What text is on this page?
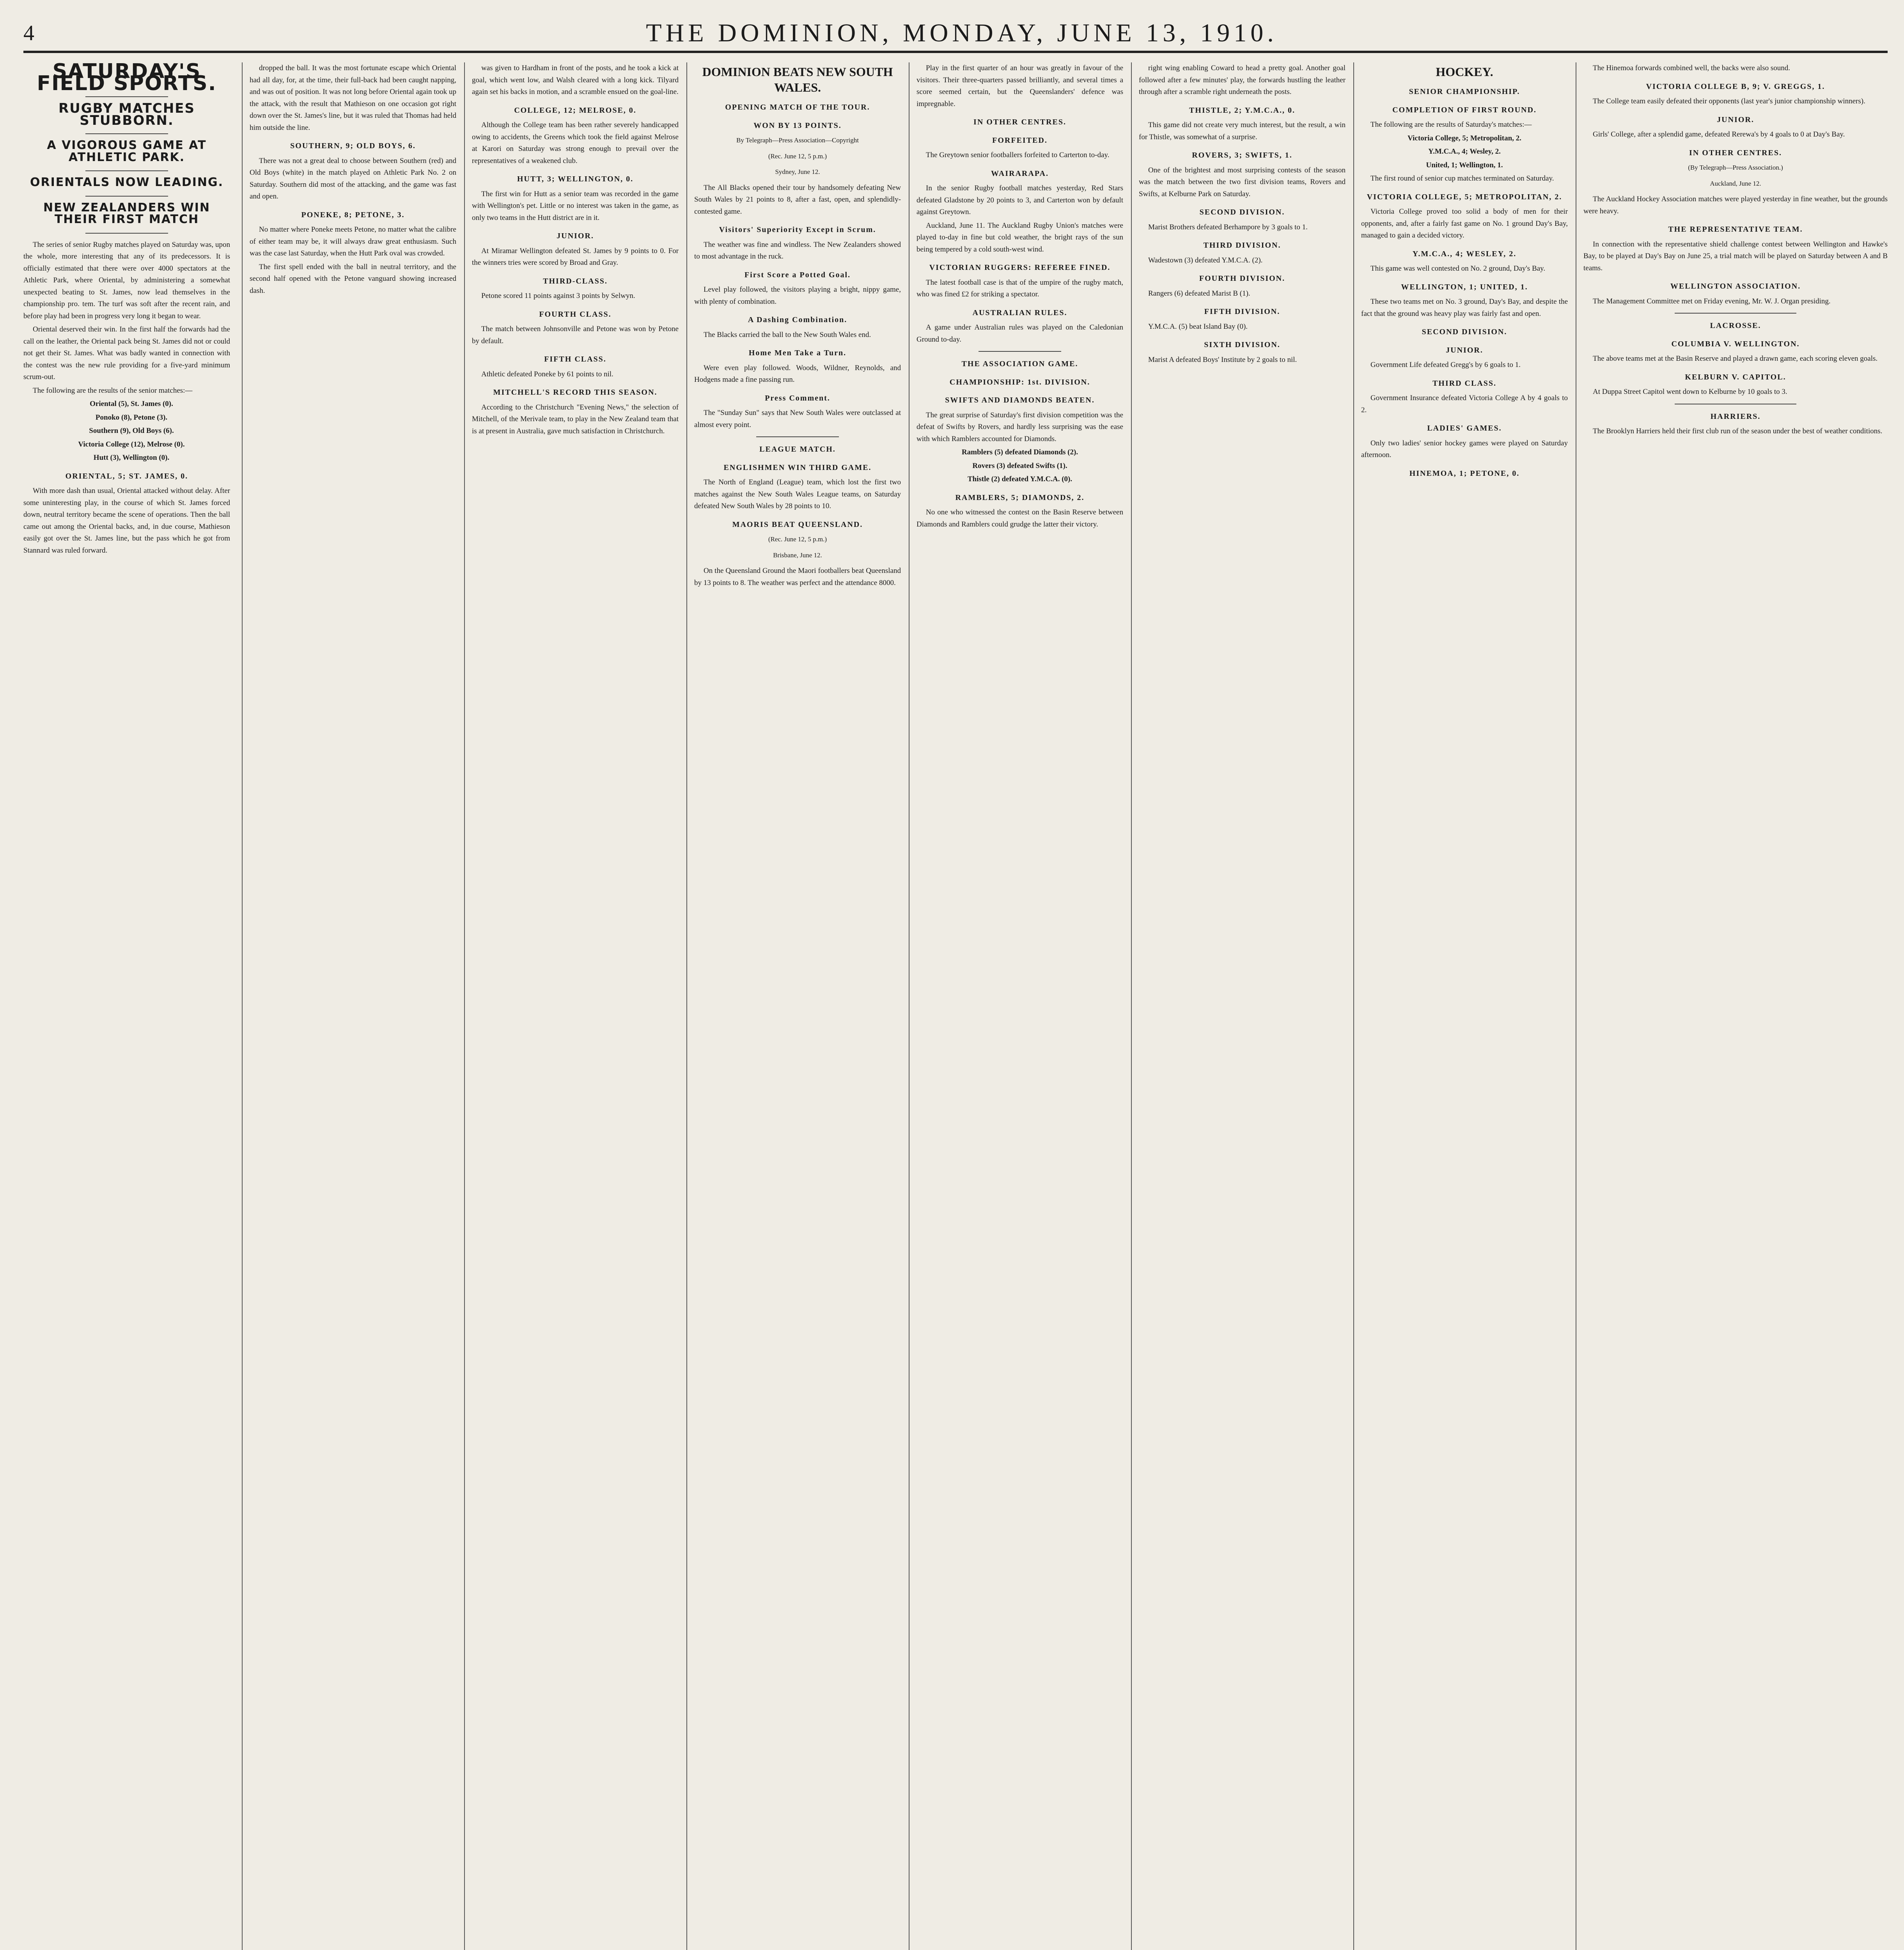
4	THE DOMINION, MONDAY, JUNE 13, 1910.
SATURDAY'S FIELD SPORTS.
RUGBY MATCHES STUBBORN.
A VIGOROUS GAME AT ATHLETIC PARK.
ORIENTALS NOW LEADING.
NEW ZEALANDERS WIN THEIR FIRST MATCH

The series of senior Rugby matches played on Saturday was, upon the whole, more interesting that any of its predecessors. It is officially estimated that there were over 4000 spectators at the Athletic Park, where Oriental, by administering a somewhat unexpected beating to St. James, now lead themselves in the championship pro. tem. The turf was soft after the recent rain, and before play had been in progress very long it began to wear.

Oriental deserved their win. In the first half the forwards had the call on the leather, the Oriental pack being St. James did not or could not get their St. James. What was badly wanted in connection with the contest was the new rule providing for a five-yard minimum scrum-out.

The following are the results of the senior matches:—

Oriental (5), St. James (0).

Ponoko (8), Petone (3).

Southern (9), Old Boys (6).

Victoria College (12), Melrose (0).

Hutt (3), Wellington (0).

ORIENTAL, 5; ST. JAMES, 0.

With more dash than usual, Oriental attacked without delay. After some uninteresting play, in the course of which St. James forced down, neutral territory became the scene of operations. Then the ball came out among the Oriental backs, and, in due course, Mathieson easily got over the St. James line, but the pass which he got from Stannard was ruled forward.

dropped the ball. It was the most fortunate escape which Oriental had all day, for, at the time, their full-back had been caught napping, and was out of position. It was not long before Oriental again took up the attack, with the result that Mathieson on one occasion got right down over the St. James's line, but it was ruled that Thomas had held him outside the line.

SOUTHERN, 9; OLD BOYS, 6.

There was not a great deal to choose between Southern (red) and Old Boys (white) in the match played on Athletic Park No. 2 on Saturday. Southern did most of the attacking, and the game was fast and open.

PONEKE, 8; PETONE, 3.

No matter where Poneke meets Petone, no matter what the calibre of either team may be, it will always draw great enthusiasm. Such was the case last Saturday, when the Hutt Park oval was crowded.

The first spell ended with the ball in neutral territory, and the second half opened with the Petone vanguard showing increased dash.

was given to Hardham in front of the posts, and he took a kick at goal, which went low, and Walsh cleared with a long kick. Tilyard again set his backs in motion, and a scramble ensued on the goal-line.

COLLEGE, 12; MELROSE, 0.

Although the College team has been rather severely handicapped owing to accidents, the Greens which took the field against Melrose at Karori on Saturday was strong enough to prevail over the representatives of a weakened club.

HUTT, 3; WELLINGTON, 0.

The first win for Hutt as a senior team was recorded in the game with Wellington's pet. Little or no interest was taken in the game, as only two teams in the Hutt district are in it.

JUNIOR.

At Miramar Wellington defeated St. James by 9 points to 0. For the winners tries were scored by Broad and Gray.

THIRD-CLASS.

Petone scored 11 points against 3 points by Selwyn.

FOURTH CLASS.

The match between Johnsonville and Petone was won by Petone by default.

FIFTH CLASS.

Athletic defeated Poneke by 61 points to nil.

MITCHELL'S RECORD THIS SEASON.

According to the Christchurch "Evening News," the selection of Mitchell, of the Merivale team, to play in the New Zealand team that is at present in Australia, gave much satisfaction in Christchurch.

DOMINION BEATS NEW SOUTH WALES.
OPENING MATCH OF THE TOUR.
WON BY 13 POINTS.
By Telegraph—Press Association—Copyright
(Rec. June 12, 5 p.m.)
Sydney, June 12.

The All Blacks opened their tour by handsomely defeating New South Wales by 21 points to 8, after a fast, open, and splendidly-contested game.

Visitors' Superiority Except in Scrum.

The weather was fine and windless. The New Zealanders showed to most advantage in the ruck.

First Score a Potted Goal.

Level play followed, the visitors playing a bright, nippy game, with plenty of combination.

A Dashing Combination.

The Blacks carried the ball to the New South Wales end.

Home Men Take a Turn.

Were even play followed. Woods, Wildner, Reynolds, and Hodgens made a fine passing run.

Press Comment.

The "Sunday Sun" says that New South Wales were outclassed at almost every point.

LEAGUE MATCH.
ENGLISHMEN WIN THIRD GAME.

The North of England (League) team, which lost the first two matches against the New South Wales League teams, on Saturday defeated New South Wales by 28 points to 10.

MAORIS BEAT QUEENSLAND.
(Rec. June 12, 5 p.m.)
Brisbane, June 12.

On the Queensland Ground the Maori footballers beat Queensland by 13 points to 8. The weather was perfect and the attendance 8000.

Play in the first quarter of an hour was greatly in favour of the visitors. Their three-quarters passed brilliantly, and several times a score seemed certain, but the Queenslanders' defence was impregnable.

IN OTHER CENTRES.
FORFEITED.

The Greytown senior footballers forfeited to Carterton to-day.

WAIRARAPA.

In the senior Rugby football matches yesterday, Red Stars defeated Gladstone by 20 points to 3, and Carterton won by default against Greytown.

Auckland, June 11. The Auckland Rugby Union's matches were played to-day in fine but cold weather, the bright rays of the sun being tempered by a cold south-west wind.

VICTORIAN RUGGERS: REFEREE FINED.

The latest football case is that of the umpire of the rugby match, who was fined £2 for striking a spectator.

AUSTRALIAN RULES.

A game under Australian rules was played on the Caledonian Ground to-day.

THE ASSOCIATION GAME.
CHAMPIONSHIP: 1st. DIVISION.
SWIFTS AND DIAMONDS BEATEN.

The great surprise of Saturday's first division competition was the defeat of Swifts by Rovers, and hardly less surprising was the ease with which Ramblers accounted for Diamonds.

Ramblers (5) defeated Diamonds (2).

Rovers (3) defeated Swifts (1).

Thistle (2) defeated Y.M.C.A. (0).

RAMBLERS, 5; DIAMONDS, 2.

No one who witnessed the contest on the Basin Reserve between Diamonds and Ramblers could grudge the latter their victory.

right wing enabling Coward to head a pretty goal. Another goal followed after a few minutes' play, the forwards hustling the leather through after a scramble right underneath the posts.

THISTLE, 2; Y.M.C.A., 0.

This game did not create very much interest, but the result, a win for Thistle, was somewhat of a surprise.

ROVERS, 3; SWIFTS, 1.

One of the brightest and most surprising contests of the season was the match between the two first division teams, Rovers and Swifts, at Kelburne Park on Saturday.

SECOND DIVISION.

Marist Brothers defeated Berhampore by 3 goals to 1.

THIRD DIVISION.

Wadestown (3) defeated Y.M.C.A. (2).

FOURTH DIVISION.

Rangers (6) defeated Marist B (1).

FIFTH DIVISION.

Y.M.C.A. (5) beat Island Bay (0).

SIXTH DIVISION.

Marist A defeated Boys' Institute by 2 goals to nil.

HOCKEY.
SENIOR CHAMPIONSHIP.
COMPLETION OF FIRST ROUND.

The following are the results of Saturday's matches:—

Victoria College, 5; Metropolitan, 2.

Y.M.C.A., 4; Wesley, 2.

United, 1; Wellington, 1.

The first round of senior cup matches terminated on Saturday.

VICTORIA COLLEGE, 5; METROPOLITAN, 2.

Victoria College proved too solid a body of men for their opponents, and, after a fairly fast game on No. 1 ground Day's Bay, managed to gain a decided victory.

Y.M.C.A., 4; WESLEY, 2.

This game was well contested on No. 2 ground, Day's Bay.

WELLINGTON, 1; UNITED, 1.

These two teams met on No. 3 ground, Day's Bay, and despite the fact that the ground was heavy play was fairly fast and open.

SECOND DIVISION.
JUNIOR.

Government Life defeated Gregg's by 6 goals to 1.

THIRD CLASS.

Government Insurance defeated Victoria College A by 4 goals to 2.

LADIES' GAMES.

Only two ladies' senior hockey games were played on Saturday afternoon.

HINEMOA, 1; PETONE, 0.

The Hinemoa forwards combined well, the backs were also sound.

VICTORIA COLLEGE B, 9; V. GREGGS, 1.

The College team easily defeated their opponents (last year's junior championship winners).

JUNIOR.

Girls' College, after a splendid game, defeated Rerewa's by 4 goals to 0 at Day's Bay.

IN OTHER CENTRES.
(By Telegraph—Press Association.)
Auckland, June 12.

The Auckland Hockey Association matches were played yesterday in fine weather, but the grounds were heavy.

THE REPRESENTATIVE TEAM.

In connection with the representative shield challenge contest between Wellington and Hawke's Bay, to be played at Day's Bay on June 25, a trial match will be played on Saturday between A and B teams.

WELLINGTON ASSOCIATION.

The Management Committee met on Friday evening, Mr. W. J. Organ presiding.

LACROSSE.
COLUMBIA V. WELLINGTON.

The above teams met at the Basin Reserve and played a drawn game, each scoring eleven goals.

KELBURN V. CAPITOL.

At Duppa Street Capitol went down to Kelburne by 10 goals to 3.

HARRIERS.

The Brooklyn Harriers held their first club run of the season under the best of weather conditions.
